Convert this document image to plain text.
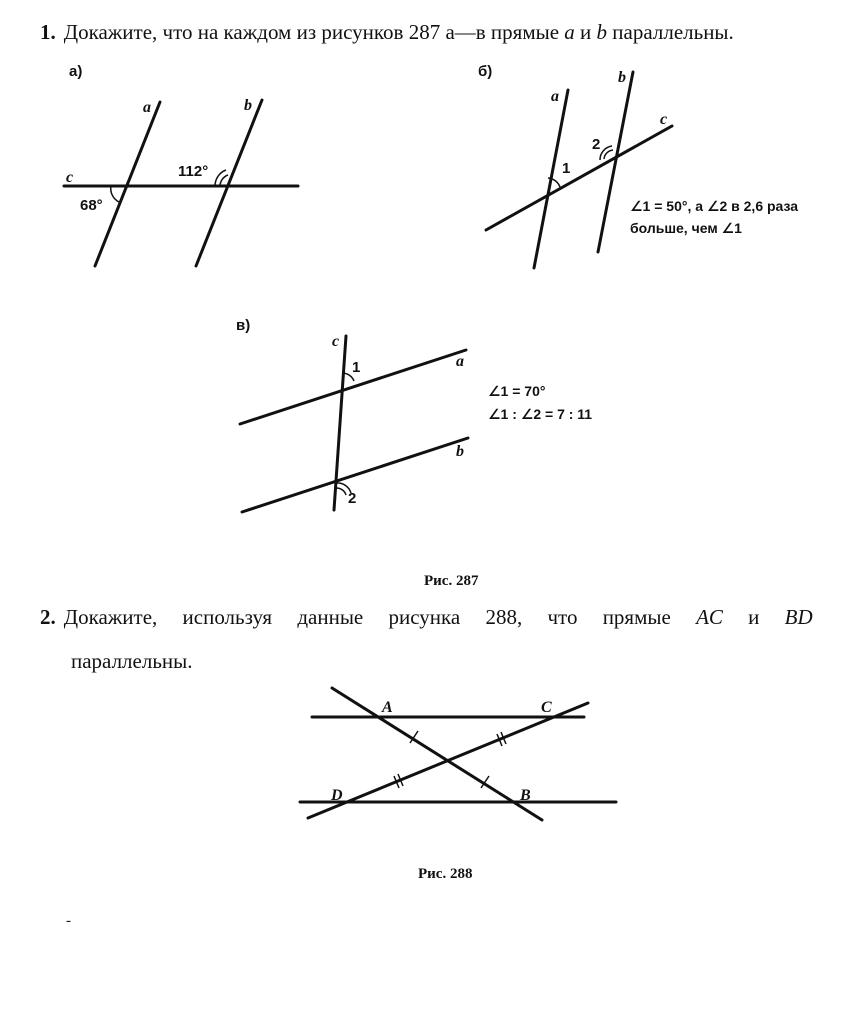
1. Докажите, что на каждом из рисунков 287 а—в прямые a и b параллельны.
2. Докажите, используя данные рисунка 288, что прямые AC и BD
параллельны.
а)
a	b
c
68°
112°
б)
a
b
c
1
2
∠1 = 50°, а ∠2 в 2,6 раза
больше, чем ∠1
в)
c
a
b
1
2
∠1 = 70°
∠1 : ∠2 = 7 : 11
Рис. 287
A	C
D	B
Рис. 288
-
